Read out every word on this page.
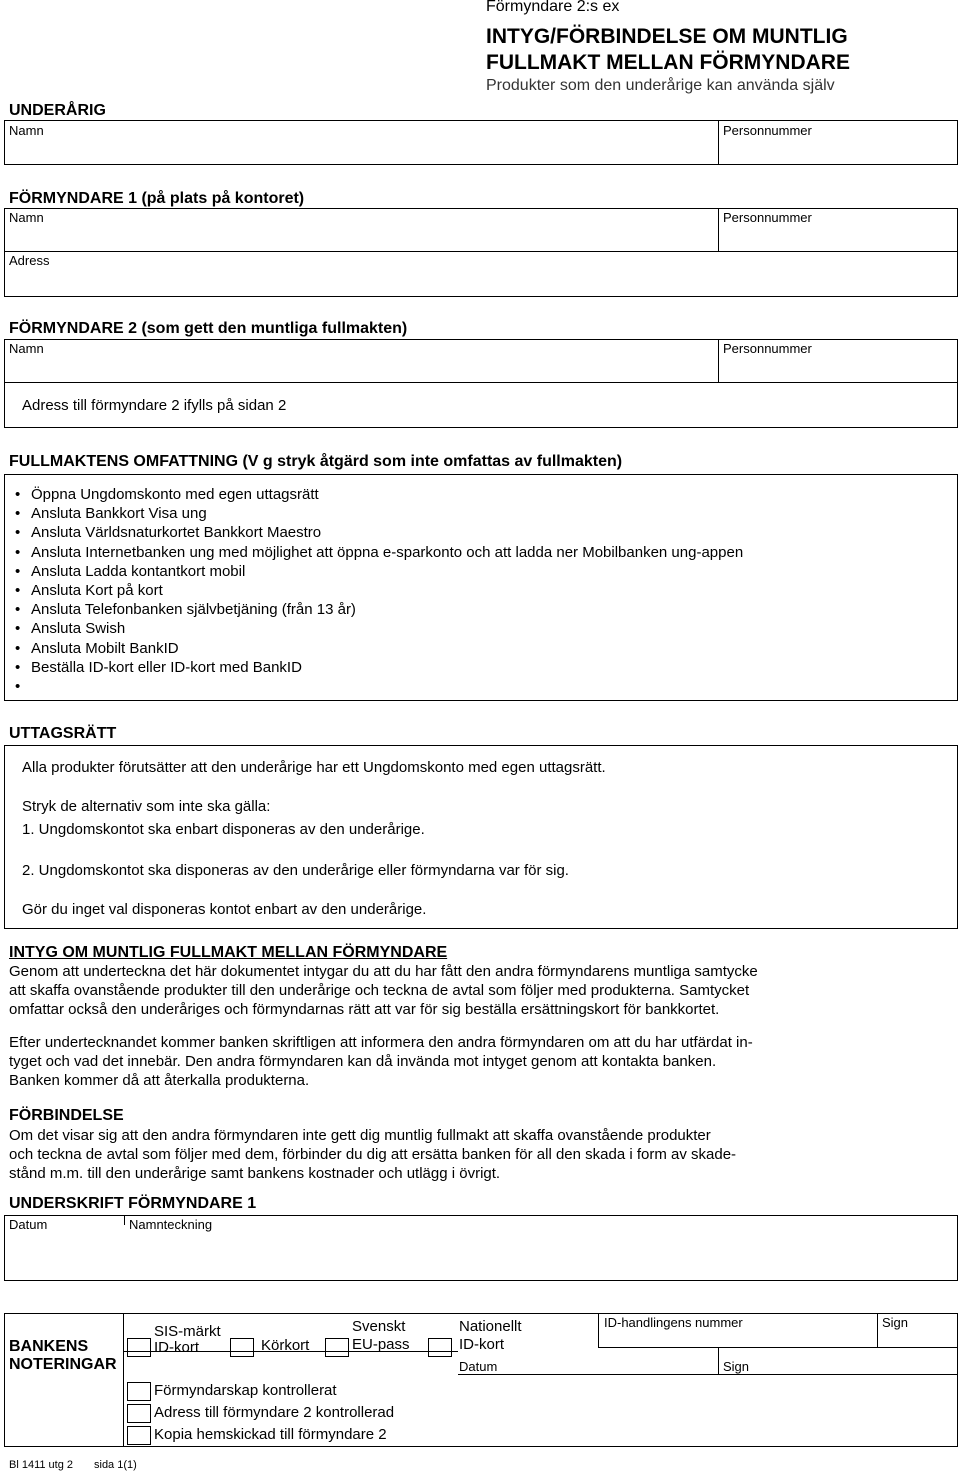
Förmyndare 2:s ex
INTYG/FÖRBINDELSE OM MUNTLIG
FULLMAKT MELLAN FÖRMYNDARE
Produkter som den underårige kan använda själv
UNDERÅRIG
Namn	Personnummer
FÖRMYNDARE 1 (på plats på kontoret)
Namn	Personnummer
Adress
FÖRMYNDARE 2 (som gett den muntliga fullmakten)
Namn	Personnummer
Adress till förmyndare 2 ifylls på sidan 2
FULLMAKTENS OMFATTNING (V g stryk åtgärd som inte omfattas av fullmakten)
• Öppna Ungdomskonto med egen uttagsrätt
• Ansluta Bankkort Visa ung
• Ansluta Världsnaturkortet Bankkort Maestro
• Ansluta Internetbanken ung med möjlighet att öppna e-sparkonto och att ladda ner Mobilbanken ung-appen
• Ansluta Ladda kontantkort mobil
• Ansluta Kort på kort
• Ansluta Telefonbanken självbetjäning (från 13 år)
• Ansluta Swish
• Ansluta Mobilt BankID
• Beställa ID-kort eller ID-kort med BankID
•
UTTAGSRÄTT
Alla produkter förutsätter att den underårige har ett Ungdomskonto med egen uttagsrätt.
Stryk de alternativ som inte ska gälla:
1. Ungdomskontot ska enbart disponeras av den underårige.
2. Ungdomskontot ska disponeras av den underårige eller förmyndarna var för sig.
Gör du inget val disponeras kontot enbart av den underårige.
INTYG OM MUNTLIG FULLMAKT MELLAN FÖRMYNDARE
Genom att underteckna det här dokumentet intygar du att du har fått den andra förmyndarens muntliga samtycke
att skaffa ovanstående produkter till den underårige och teckna de avtal som följer med produkterna. Samtycket
omfattar också den underåriges och förmyndarnas rätt att var för sig beställa ersättningskort för bankkortet.
Efter undertecknandet kommer banken skriftligen att informera den andra förmyndaren om att du har utfärdat in-
tyget och vad det innebär. Den andra förmyndaren kan då invända mot intyget genom att kontakta banken.
Banken kommer då att återkalla produkterna.
FÖRBINDELSE
Om det visar sig att den andra förmyndaren inte gett dig muntlig fullmakt att skaffa ovanstående produkter
och teckna de avtal som följer med dem, förbinder du dig att ersätta banken för all den skada i form av skade-
stånd m.m. till den underårige samt bankens kostnader och utlägg i övrigt.
UNDERSKRIFT FÖRMYNDARE 1
Datum	Namnteckning
BANKENS
NOTERINGAR
SIS-märkt
ID-kort	Körkort
Svenskt
EU-pass
Nationellt
ID-kort
ID-handlingens nummer	Sign
Datum	Sign
Förmyndarskap kontrollerat
Adress till förmyndare 2 kontrollerad
Kopia hemskickad till förmyndare 2
Bl 1411 utg 2 sida 1(1)
